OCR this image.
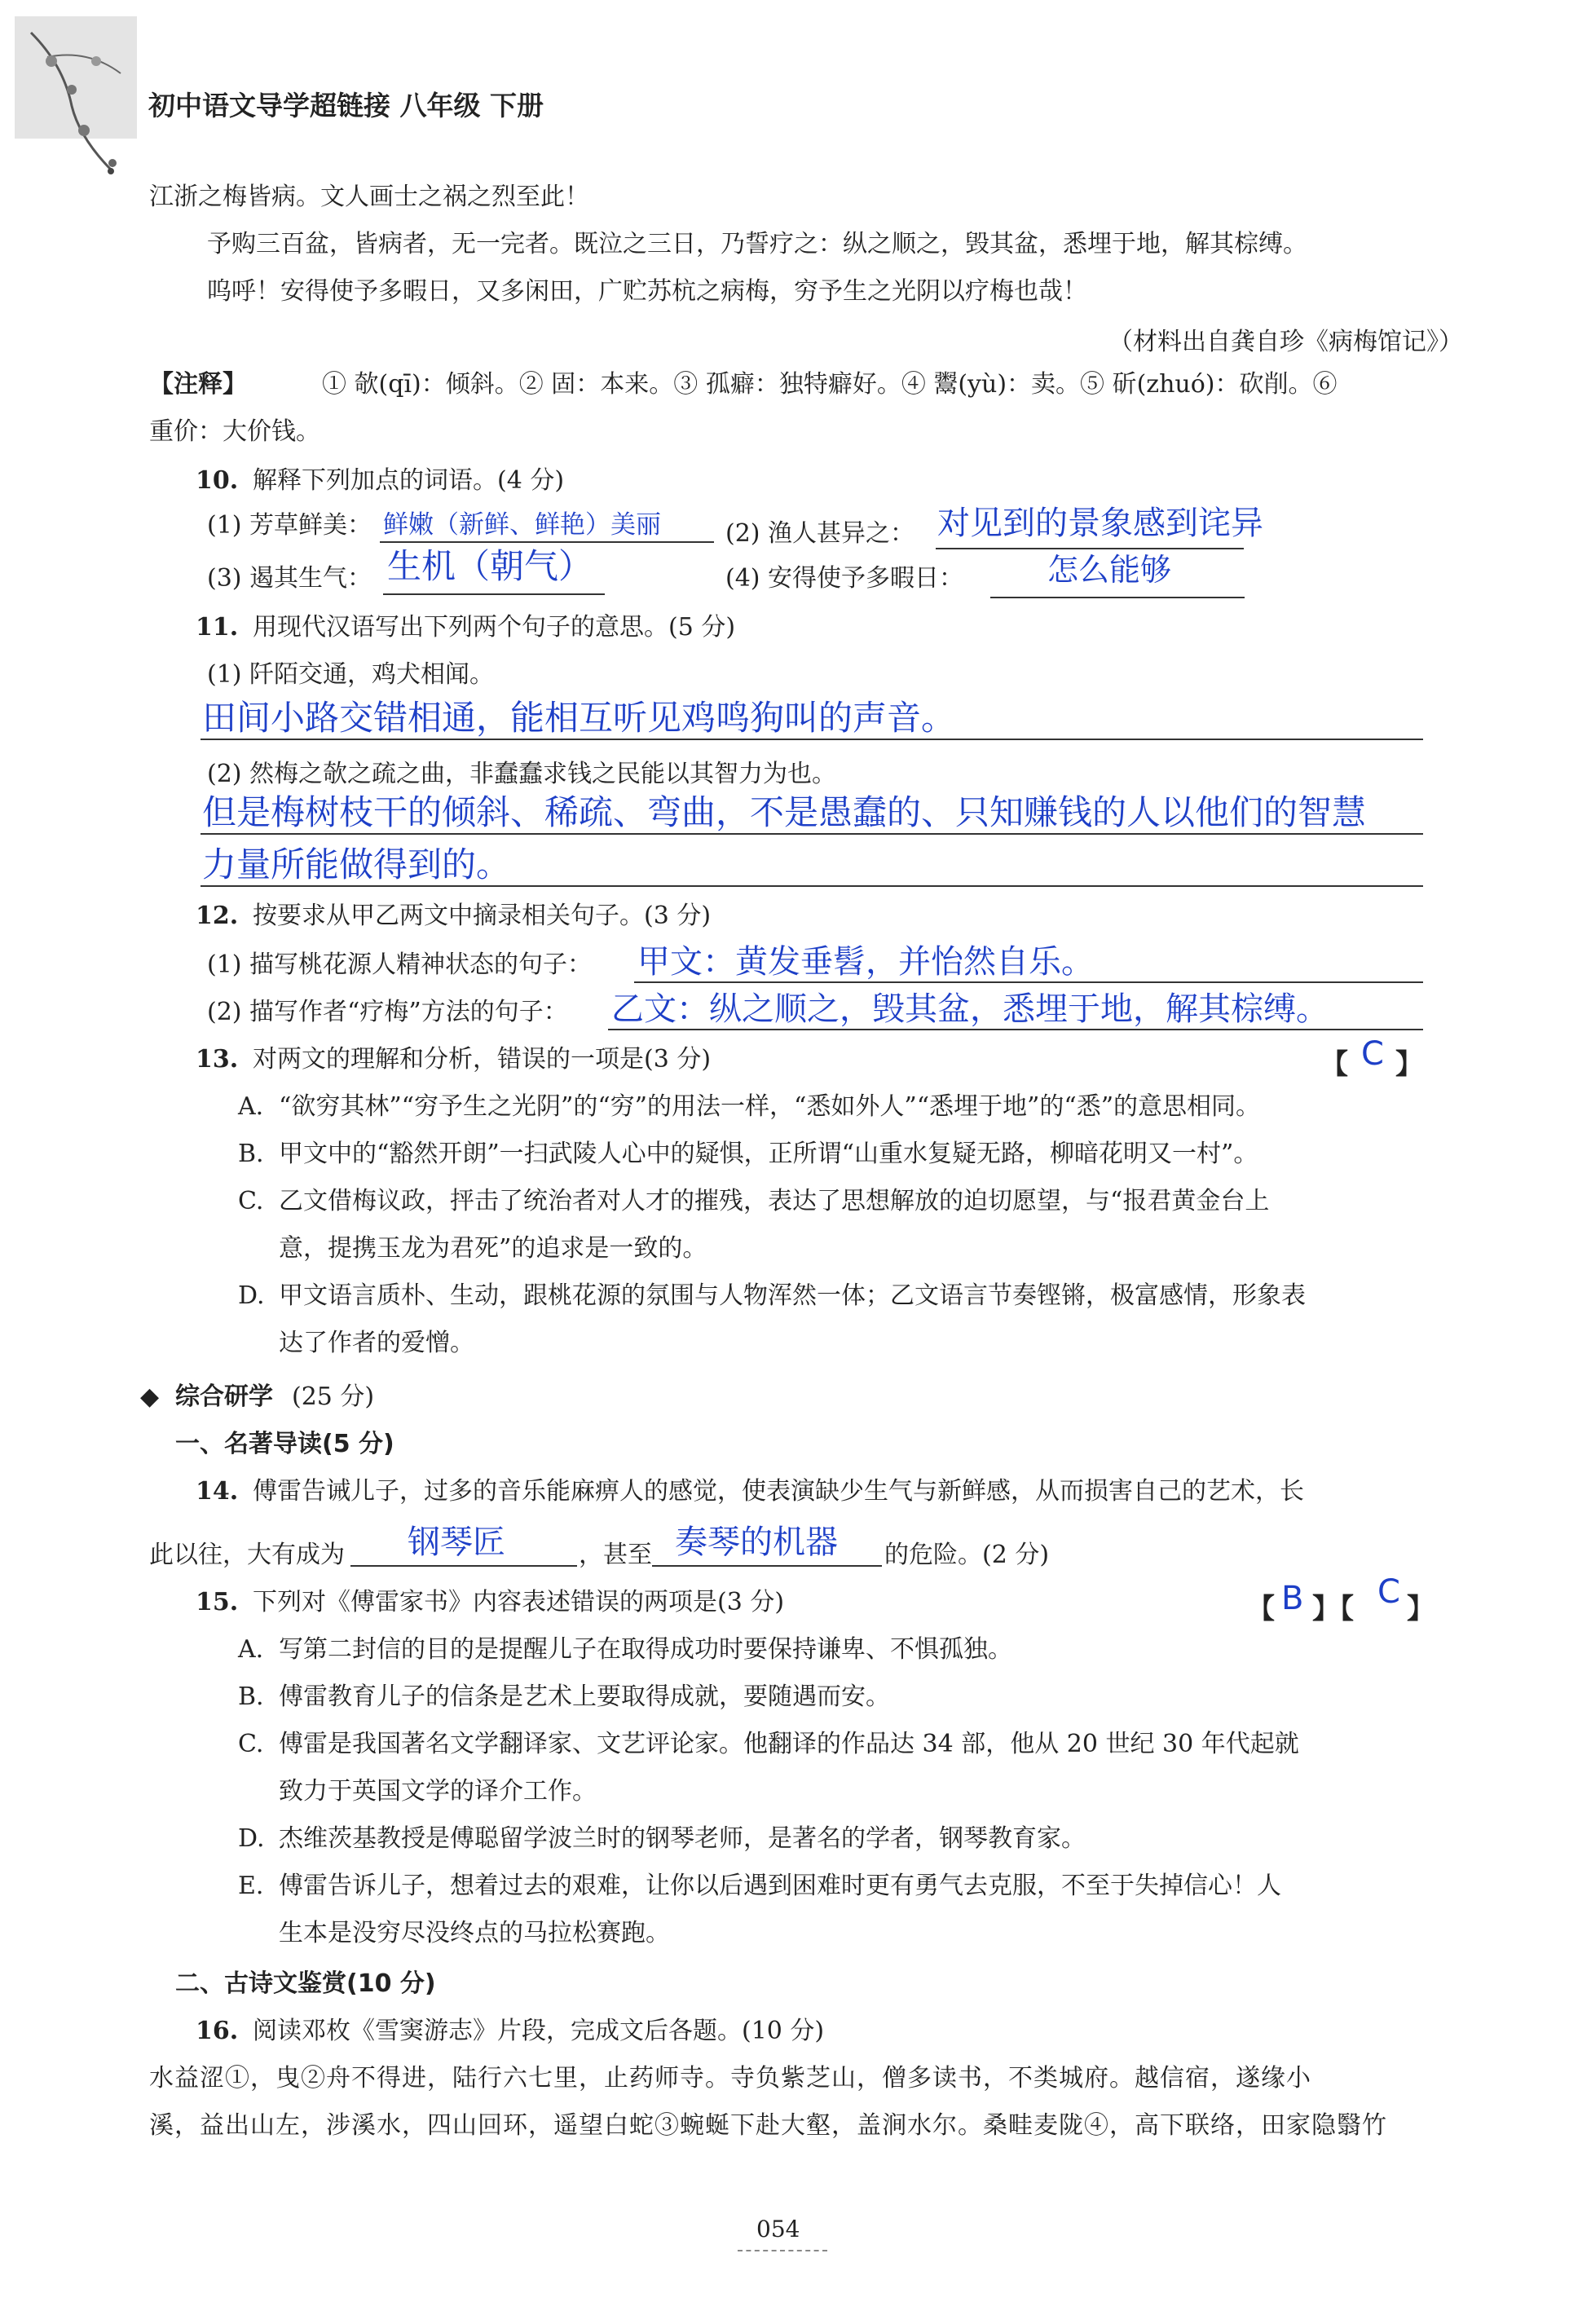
初中语文导学超链接 八年级 下册
江浙之梅皆病。文人画士之祸之烈至此！
予购三百盆，皆病者，无一完者。既泣之三日，乃誓疗之：纵之顺之，毁其盆，悉埋于地，解其棕缚。
呜呼！安得使予多暇日，又多闲田，广贮苏杭之病梅，穷予生之光阴以疗梅也哉！
（材料出自龚自珍《病梅馆记》）
【注释】	① 欹(qī)：倾斜。② 固：本来。③ 孤癖：独特癖好。④ 鬻(yù)：卖。⑤ 斫(zhuó)：砍削。⑥
重价：大价钱。
10. 解释下列加点的词语。(4 分)
(1) 芳草鲜美： 鲜嫩（新鲜、鲜艳）美丽	(2) 渔人甚异之： 对见到的景象感到诧异
(3) 遏其生气： 生机（朝气）	(4) 安得使予多暇日：	怎么能够
11. 用现代汉语写出下列两个句子的意思。(5 分)
(1) 阡陌交通，鸡犬相闻。
田间小路交错相通，能相互听见鸡鸣狗叫的声音。
(2) 然梅之欹之疏之曲，非蠢蠢求钱之民能以其智力为也。
但是梅树枝干的倾斜、稀疏、弯曲，不是愚蠢的、只知赚钱的人以他们的智慧
力量所能做得到的。
12. 按要求从甲乙两文中摘录相关句子。(3 分)
(1) 描写桃花源人精神状态的句子： 甲文：黄发垂髫，并怡然自乐。
(2) 描写作者“疗梅”方法的句子： 乙文：纵之顺之，毁其盆，悉埋于地，解其棕缚。
13. 对两文的理解和分析，错误的一项是(3 分)	【 C 】
A. “欲穷其林”“穷予生之光阴”的“穷”的用法一样，“悉如外人”“悉埋于地”的“悉”的意思相同。
B. 甲文中的“豁然开朗”一扫武陵人心中的疑惧，正所谓“山重水复疑无路，柳暗花明又一村”。
C. 乙文借梅议政，抨击了统治者对人才的摧残，表达了思想解放的迫切愿望，与“报君黄金台上
意，提携玉龙为君死”的追求是一致的。
D. 甲文语言质朴、生动，跟桃花源的氛围与人物浑然一体；乙文语言节奏铿锵，极富感情，形象表
达了作者的爱憎。
◆ 综合研学 (25 分)
一、名著导读(5 分)
14. 傅雷告诫儿子，过多的音乐能麻痹人的感觉，使表演缺少生气与新鲜感，从而损害自己的艺术，长
此以往，大有成为 钢琴匠	，甚至 奏琴的机器 的危险。(2 分)
15. 下列对《傅雷家书》内容表述错误的两项是(3 分)	【 B 】【 C 】
A. 写第二封信的目的是提醒儿子在取得成功时要保持谦卑、不惧孤独。
B. 傅雷教育儿子的信条是艺术上要取得成就，要随遇而安。
C. 傅雷是我国著名文学翻译家、文艺评论家。他翻译的作品达 34 部，他从 20 世纪 30 年代起就
致力于英国文学的译介工作。
D. 杰维茨基教授是傅聪留学波兰时的钢琴老师，是著名的学者，钢琴教育家。
E. 傅雷告诉儿子，想着过去的艰难，让你以后遇到困难时更有勇气去克服，不至于失掉信心！人
生本是没穷尽没终点的马拉松赛跑。
二、古诗文鉴赏(10 分)
16. 阅读邓枚《雪窦游志》片段，完成文后各题。(10 分)
水益涩①，曳②舟不得进，陆行六七里，止药师寺。寺负紫芝山，僧多读书，不类城府。越信宿，遂缘小
溪，益出山左，涉溪水，四山回环，遥望白蛇③蜿蜒下赴大壑，盖涧水尔。桑畦麦陇④，高下联络，田家隐翳竹
054
